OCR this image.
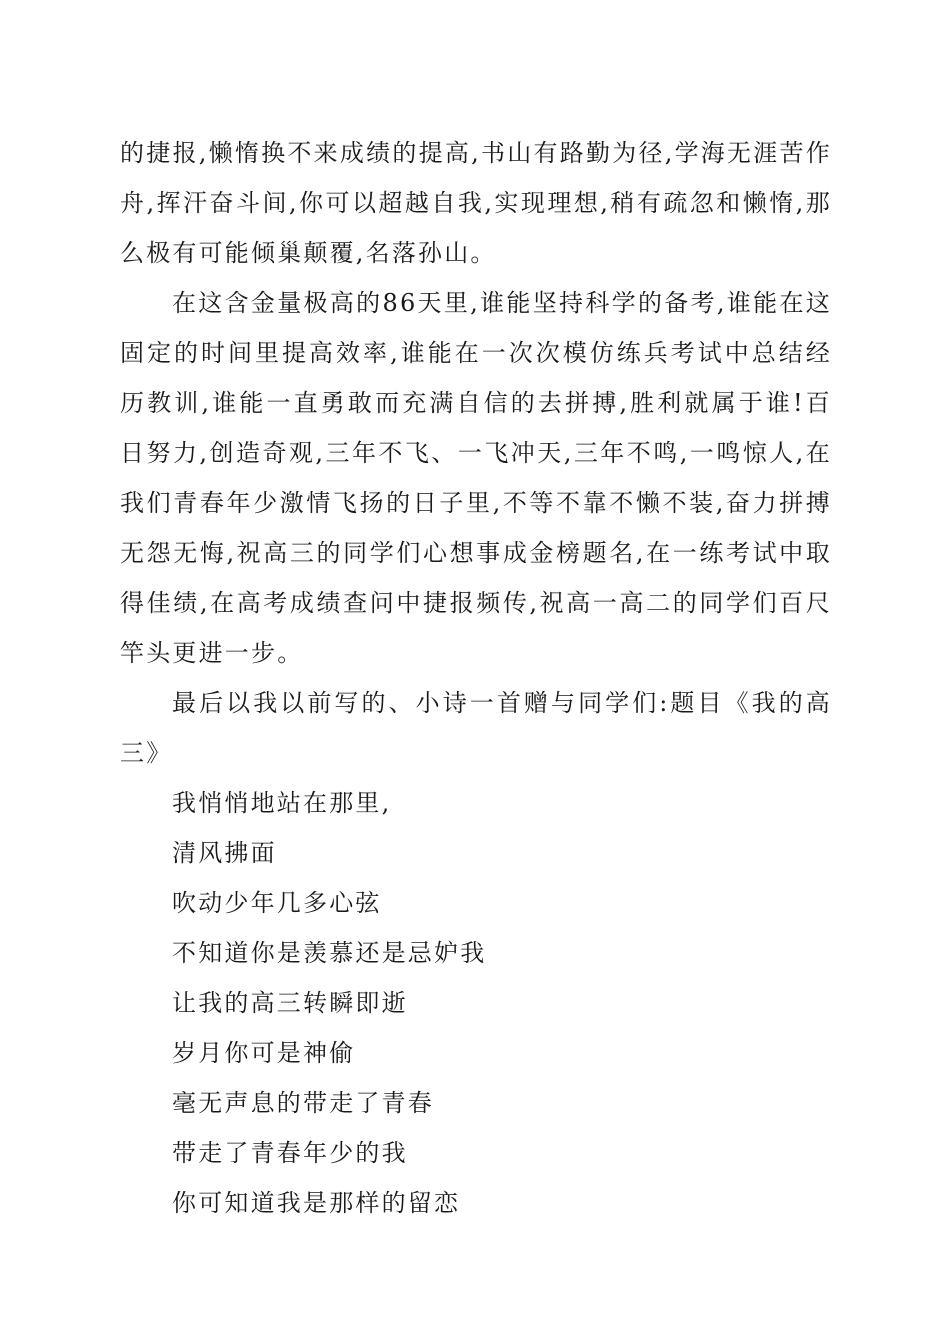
的捷报,懒惰换不来成绩的提高,书山有路勤为径,学海无涯苦作舟,挥汗奋斗间,你可以超越自我,实现理想,稍有疏忽和懒惰,那么极有可能倾巢颠覆,名落孙山。

在这含金量极高的86天里,谁能坚持科学的备考,谁能在这固定的时间里提高效率,谁能在一次次模仿练兵考试中总结经历教训,谁能一直勇敢而充满自信的去拼搏,胜利就属于谁!百日努力,创造奇观,三年不飞、一飞冲天,三年不鸣,一鸣惊人,在我们青春年少激情飞扬的日子里,不等不靠不懒不装,奋力拼搏无怨无悔,祝高三的同学们心想事成金榜题名,在一练考试中取得佳绩,在高考成绩查问中捷报频传,祝高一高二的同学们百尺竿头更进一步。

最后以我以前写的、小诗一首赠与同学们:题目《我的高三》

我悄悄地站在那里,
清风拂面
吹动少年几多心弦
不知道你是羡慕还是忌妒我
让我的高三转瞬即逝
岁月你可是神偷
毫无声息的带走了青春
带走了青春年少的我
你可知道我是那样的留恋
